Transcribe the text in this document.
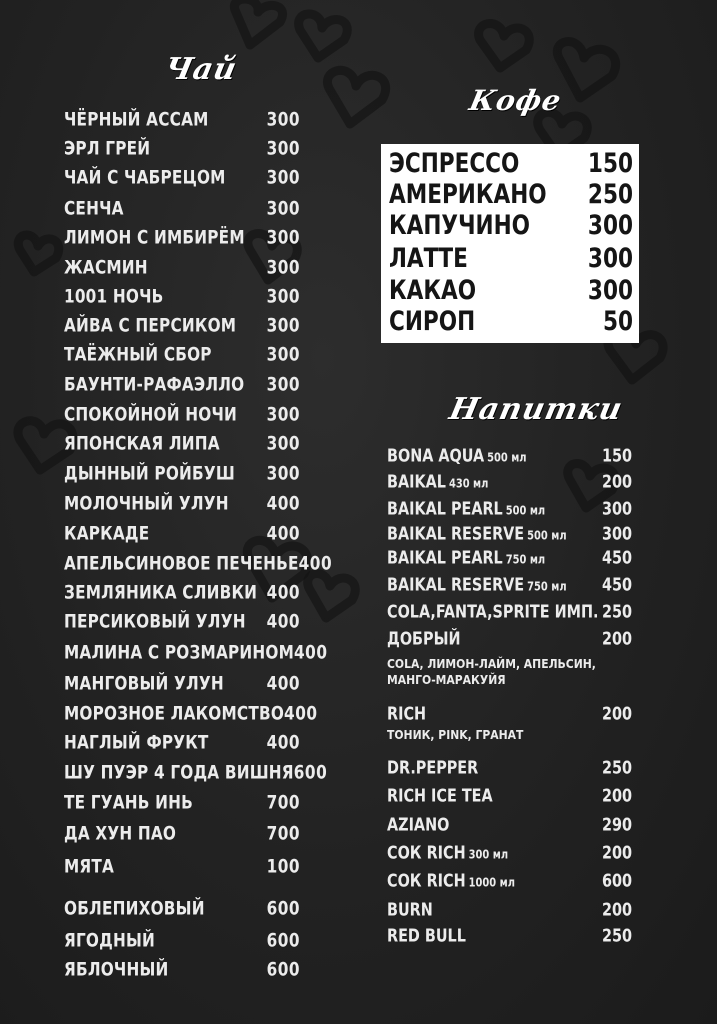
Чай
ЧЁРНЫЙ АССАМ	300
ЭРЛ ГРЕЙ	300
ЧАЙ С ЧАБРЕЦОМ 300
СЕНЧА	300
ЛИМОН С ИМБИРЁМ 300
ЖАСМИН	300
1001 НОЧЬ	300
АЙВА С ПЕРСИКОМ 300
ТАЁЖНЫЙ СБОР	300
БАУНТИ-РАФАЭЛЛО 300
СПОКОЙНОЙ НОЧИ 300
ЯПОНСКАЯ ЛИПА	300
ДЫННЫЙ РОЙБУШ 300
МОЛОЧНЫЙ УЛУН 400
КАРКАДЕ	400
АПЕЛЬСИНОВОЕ ПЕЧЕНЬЕ 400
ЗЕМЛЯНИКА СЛИВКИ 400
ПЕРСИКОВЫЙ УЛУН 400
МАЛИНА С РОЗМАРИНОМ 400
МАНГОВЫЙ УЛУН	400
МОРОЗНОЕ ЛАКОМСТВО 400
НАГЛЫЙ ФРУКТ	400
ШУ ПУЭР 4 ГОДА ВИШНЯ 600
ТЕ ГУАНЬ ИНЬ	700
ДА ХУН ПАО	700
МЯТА	100
ОБЛЕПИХОВЫЙ	600
ЯГОДНЫЙ	600
ЯБЛОЧНЫЙ	600
Кофе
ЭСПРЕССО	150
АМЕРИКАНО 250
КАПУЧИНО 300
ЛАТТЕ	300
КАКАО	300
СИРОП	50
Напитки
BONA AQUA 500 мл	150
BAIKAL 430 мл	200
BAIKAL PEARL 500 мл	300
BAIKAL RESERVE 500 мл 300
BAIKAL PEARL 750 мл	450
BAIKAL RESERVE 750 мл 450
COLA,FANTA,SPRITE ИМП. 250
ДОБРЫЙ	200
COLA, ЛИМОН-ЛАЙМ, АПЕЛЬСИН,
МАНГО-МАРАКУЙЯ
RICH	200
ТОНИК, PINK, ГРАНАТ
DR.PEPPER	250
RICH ICE TEA	200
AZIANO	290
СОК RICH 300 мл	200
СОК RICH 1000 мл	600
BURN	200
RED BULL	250
